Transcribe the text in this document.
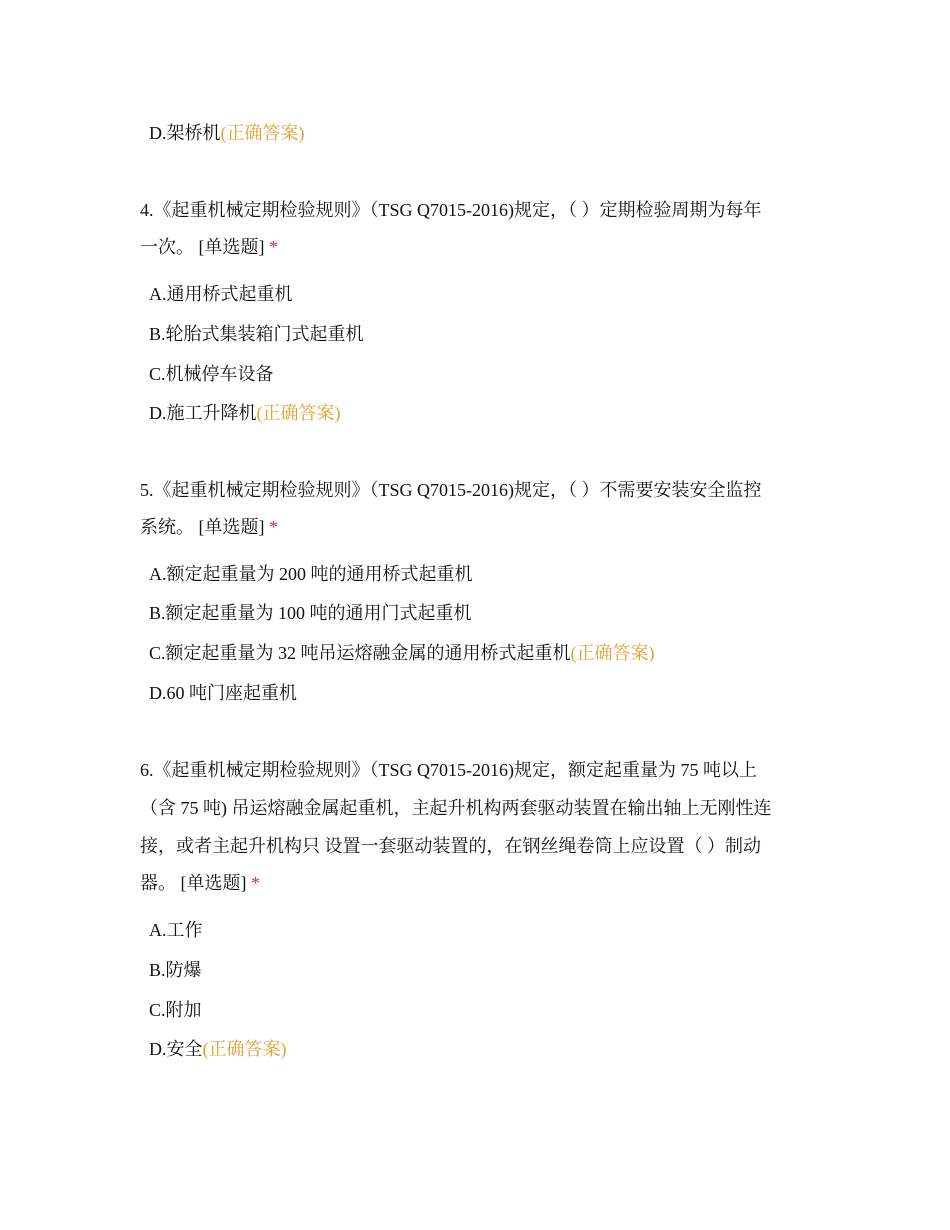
D.架桥机(正确答案)
4.《起重机械定期检验规则》（TSG Q7015-2016)规定，（ ）定期检验周期为每年
一次。 [单选题] *
A.通用桥式起重机
B.轮胎式集装箱门式起重机
C.机械停车设备
D.施工升降机(正确答案)
5.《起重机械定期检验规则》（TSG Q7015-2016)规定，（ ）不需要安装安全监控
系统。 [单选题] *
A.额定起重量为 200 吨的通用桥式起重机
B.额定起重量为 100 吨的通用门式起重机
C.额定起重量为 32 吨吊运熔融金属的通用桥式起重机(正确答案)
D.60 吨门座起重机
6.《起重机械定期检验规则》（TSG Q7015-2016)规定，额定起重量为 75 吨以上
（含 75 吨) 吊运熔融金属起重机，主起升机构两套驱动装置在输出轴上无刚性连
接，或者主起升机构只 设置一套驱动装置的，在钢丝绳卷筒上应设置（ ）制动
器。 [单选题] *
A.工作
B.防爆
C.附加
D.安全(正确答案)
